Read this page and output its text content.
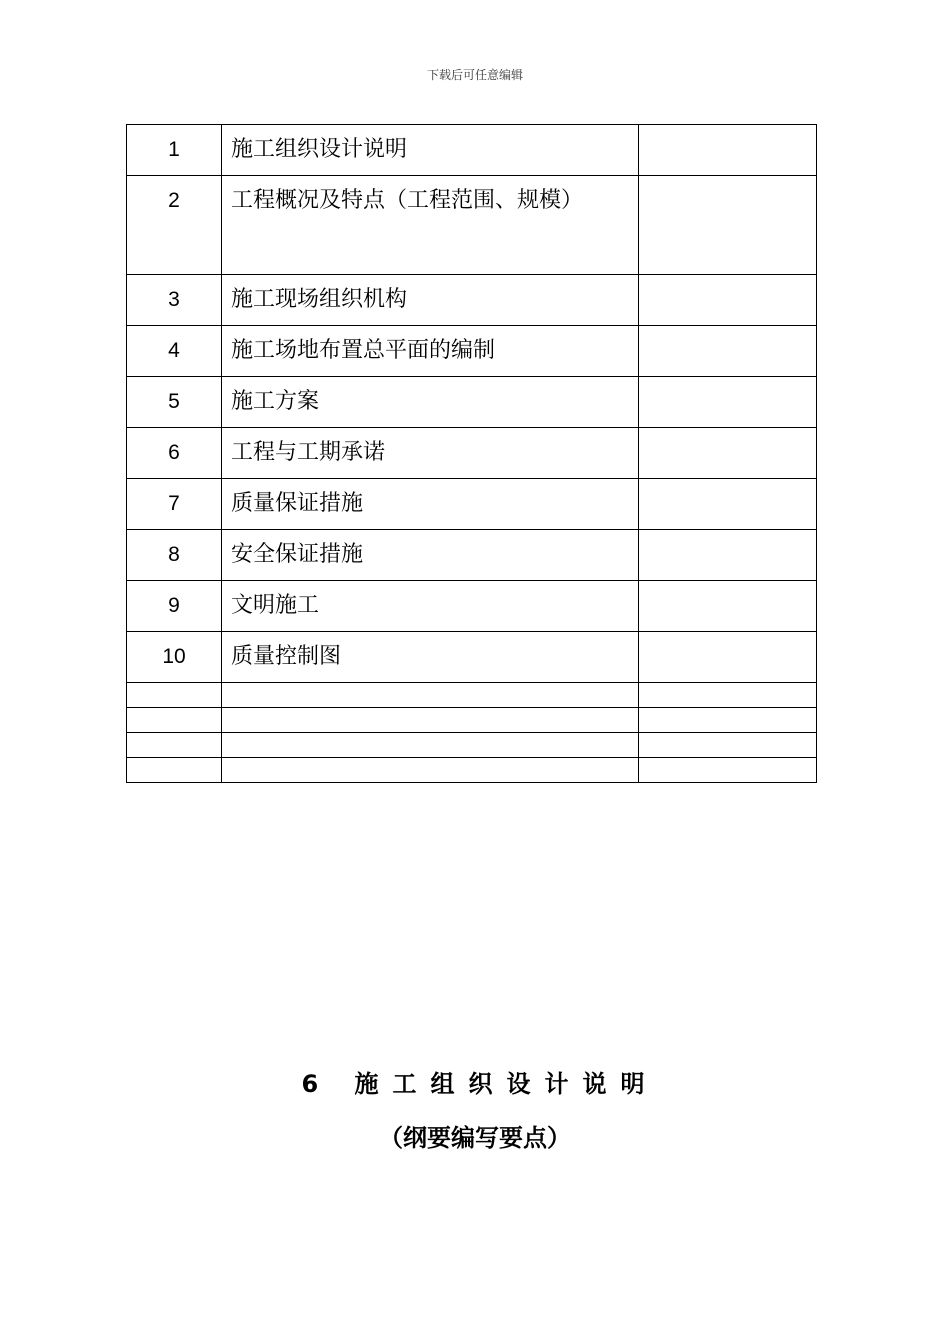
下载后可任意编辑
1	施工组织设计说明	
2	工程概况及特点（工程范围、规模）	
3	施工现场组织机构	
4	施工场地布置总平面的编制	
5	施工方案	
6	工程与工期承诺	
7	质量保证措施	
8	安全保证措施	
9	文明施工	
10	质量控制图	

6 施工组织设计说明
（纲要编写要点）
